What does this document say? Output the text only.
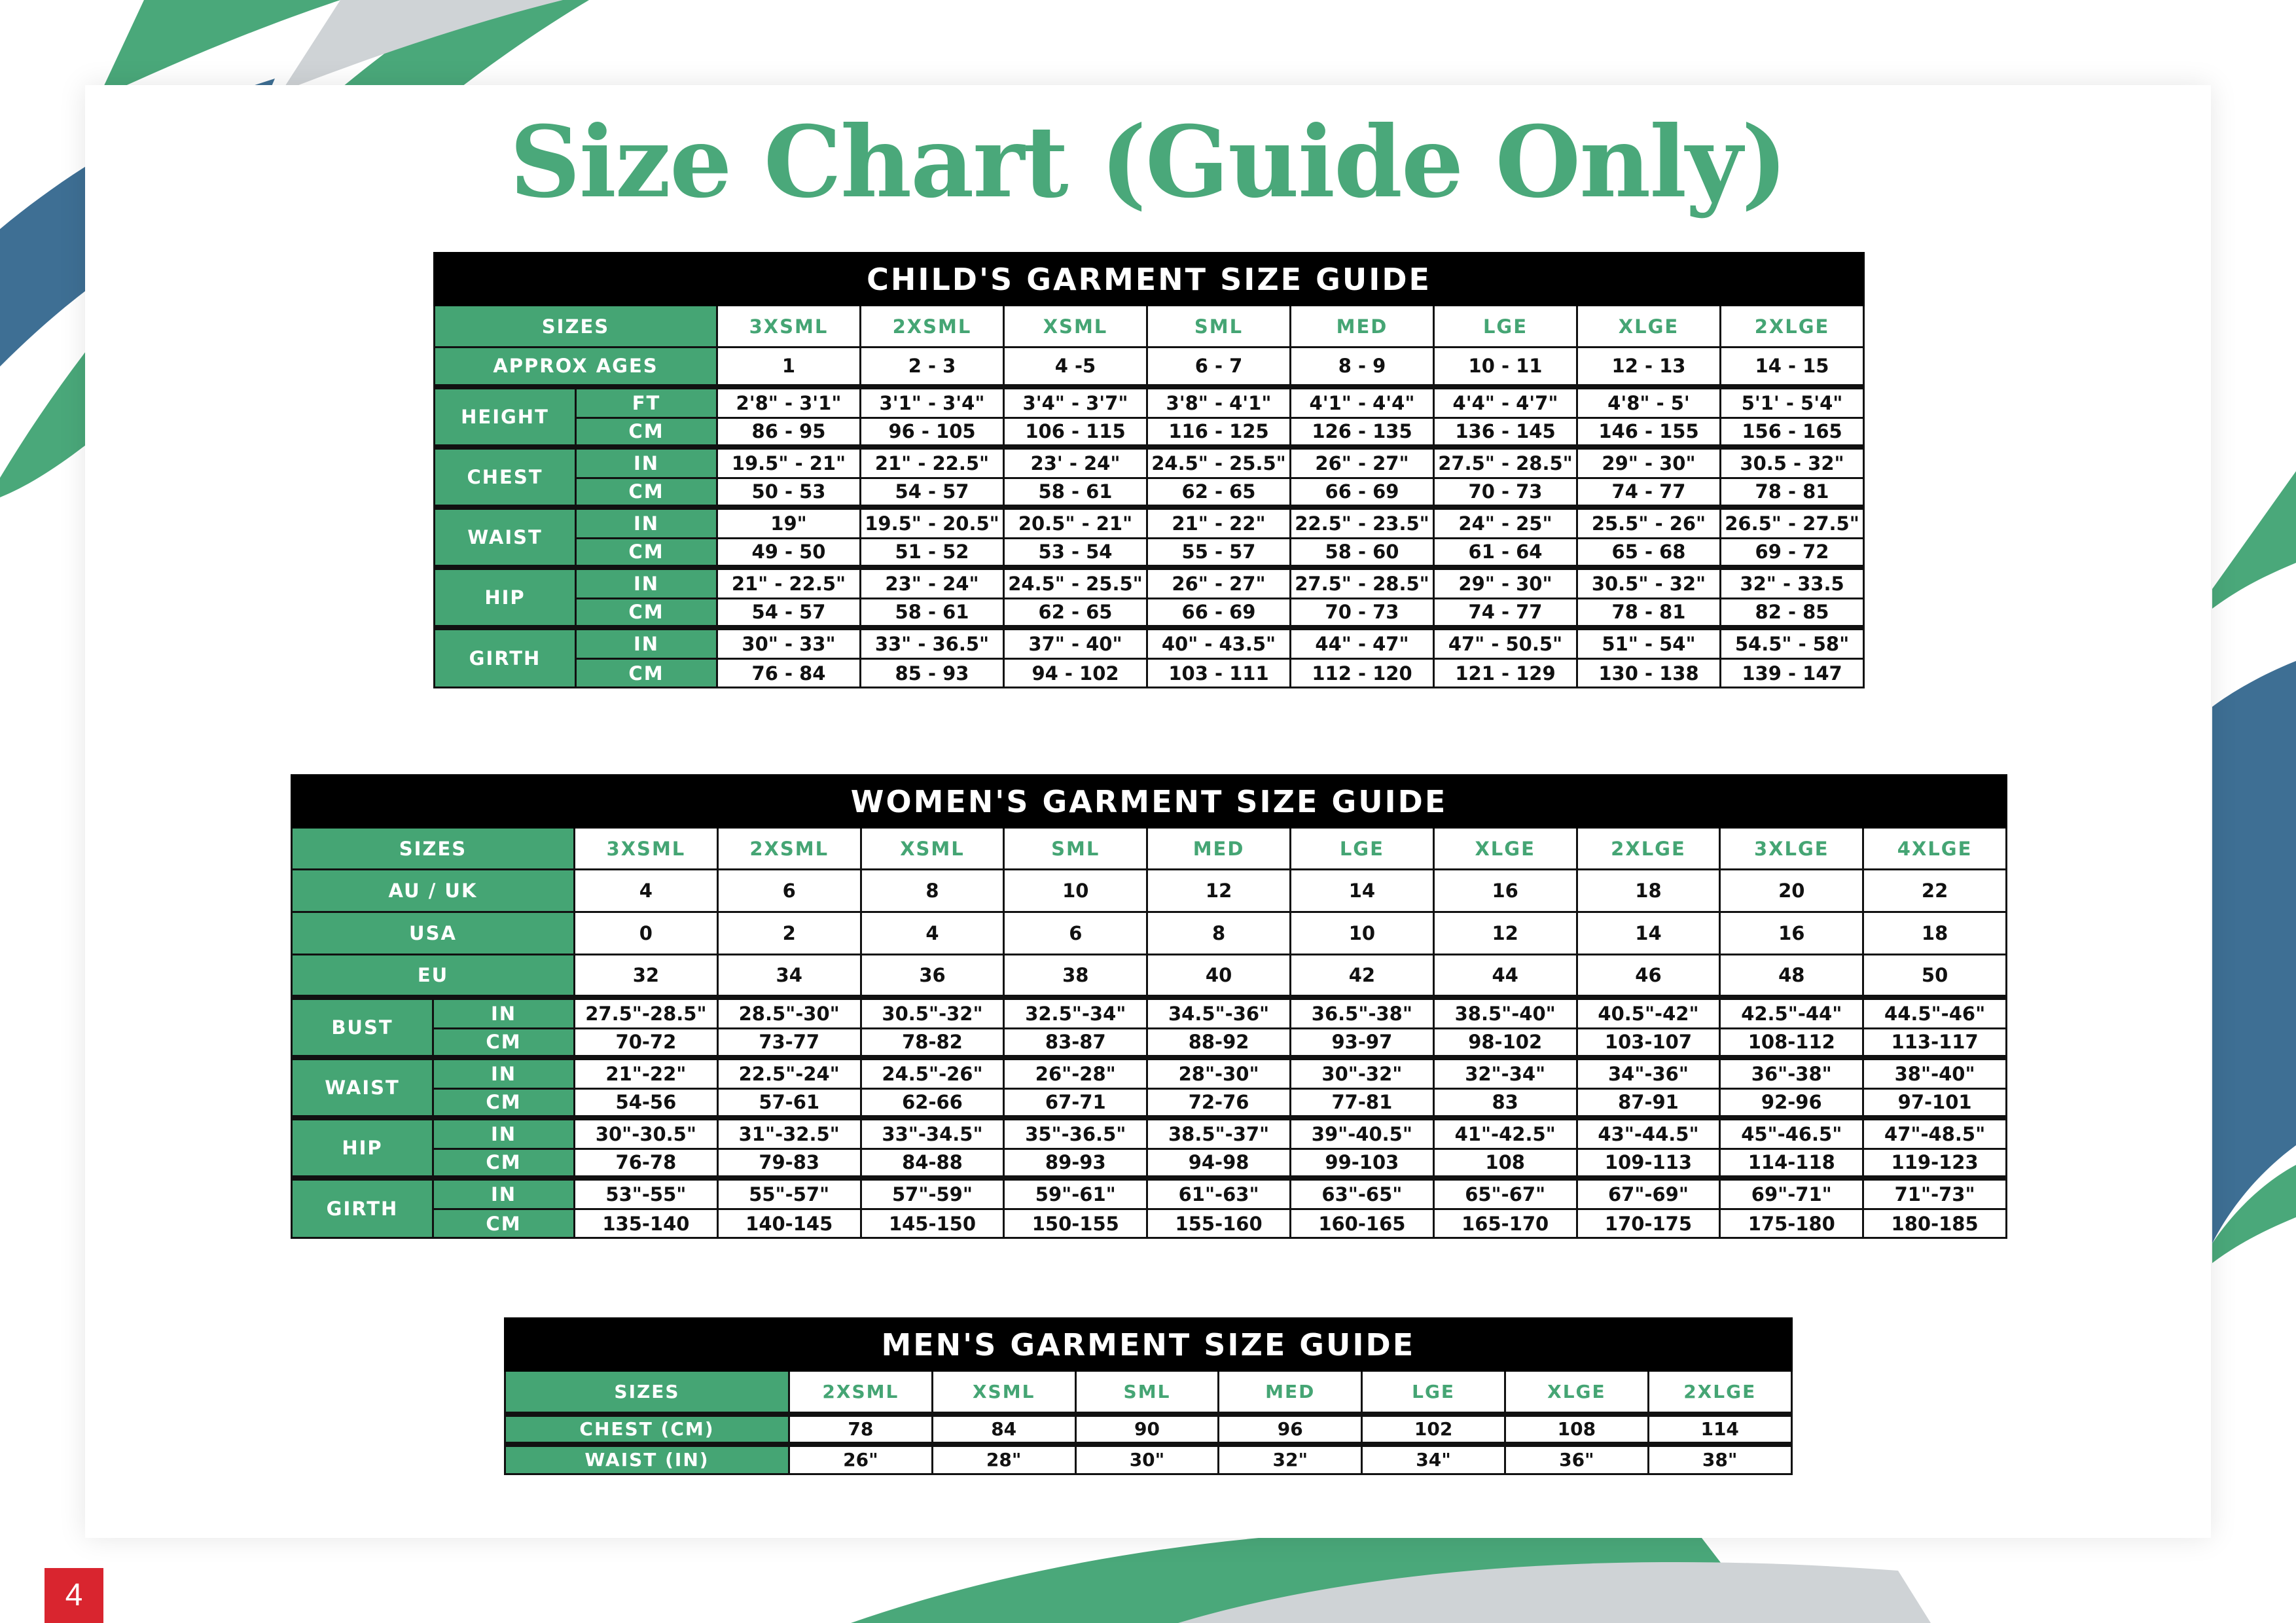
Size Chart (Guide Only)
CHILD'S GARMENT SIZE GUIDE									
SIZES		3XSML	2XSML	XSML	SML	MED	LGE	XLGE	2XLGE
APPROX AGES		1	2 - 3	4 -5	6 - 7	8 - 9	10 - 11	12 - 13	14 - 15
HEIGHT	FT	2'8" - 3'1"	3'1" - 3'4"	3'4" - 3'7"	3'8" - 4'1"	4'1" - 4'4"	4'4" - 4'7"	4'8" - 5'	5'1' - 5'4"
	CM	86 - 95	96 - 105	106 - 115	116 - 125	126 - 135	136 - 145	146 - 155	156 - 165
CHEST	IN	19.5" - 21"	21" - 22.5"	23' - 24"	24.5" - 25.5"	26" - 27"	27.5" - 28.5"	29" - 30"	30.5 - 32"
	CM	50 - 53	54 - 57	58 - 61	62 - 65	66 - 69	70 - 73	74 - 77	78 - 81
WAIST	IN	19"	19.5" - 20.5"	20.5" - 21"	21" - 22"	22.5" - 23.5"	24" - 25"	25.5" - 26"	26.5" - 27.5"
	CM	49 - 50	51 - 52	53 - 54	55 - 57	58 - 60	61 - 64	65 - 68	69 - 72
HIP	IN	21" - 22.5"	23" - 24"	24.5" - 25.5"	26" - 27"	27.5" - 28.5"	29" - 30"	30.5" - 32"	32" - 33.5
	CM	54 - 57	58 - 61	62 - 65	66 - 69	70 - 73	74 - 77	78 - 81	82 - 85
GIRTH	IN	30" - 33"	33" - 36.5"	37" - 40"	40" - 43.5"	44" - 47"	47" - 50.5"	51" - 54"	54.5" - 58"
	CM	76 - 84	85 - 93	94 - 102	103 - 111	112 - 120	121 - 129	130 - 138	139 - 147
WOMEN'S GARMENT SIZE GUIDE											
SIZES		3XSML	2XSML	XSML	SML	MED	LGE	XLGE	2XLGE	3XLGE	4XLGE
AU / UK		4	6	8	10	12	14	16	18	20	22
USA		0	2	4	6	8	10	12	14	16	18
EU		32	34	36	38	40	42	44	46	48	50
BUST	IN	27.5"-28.5"	28.5"-30"	30.5"-32"	32.5"-34"	34.5"-36"	36.5"-38"	38.5"-40"	40.5"-42"	42.5"-44"	44.5"-46"
	CM	70-72	73-77	78-82	83-87	88-92	93-97	98-102	103-107	108-112	113-117
WAIST	IN	21"-22"	22.5"-24"	24.5"-26"	26"-28"	28"-30"	30"-32"	32"-34"	34"-36"	36"-38"	38"-40"
	CM	54-56	57-61	62-66	67-71	72-76	77-81	83	87-91	92-96	97-101
HIP	IN	30"-30.5"	31"-32.5"	33"-34.5"	35"-36.5"	38.5"-37"	39"-40.5"	41"-42.5"	43"-44.5"	45"-46.5"	47"-48.5"
	CM	76-78	79-83	84-88	89-93	94-98	99-103	108	109-113	114-118	119-123
GIRTH	IN	53"-55"	55"-57"	57"-59"	59"-61"	61"-63"	63"-65"	65"-67"	67"-69"	69"-71"	71"-73"
	CM	135-140	140-145	145-150	150-155	155-160	160-165	165-170	170-175	175-180	180-185
MEN'S GARMENT SIZE GUIDE							
SIZES	2XSML	XSML	SML	MED	LGE	XLGE	2XLGE
CHEST (CM)	78	84	90	96	102	108	114
WAIST (IN)	26"	28"	30"	32"	34"	36"	38"
4
